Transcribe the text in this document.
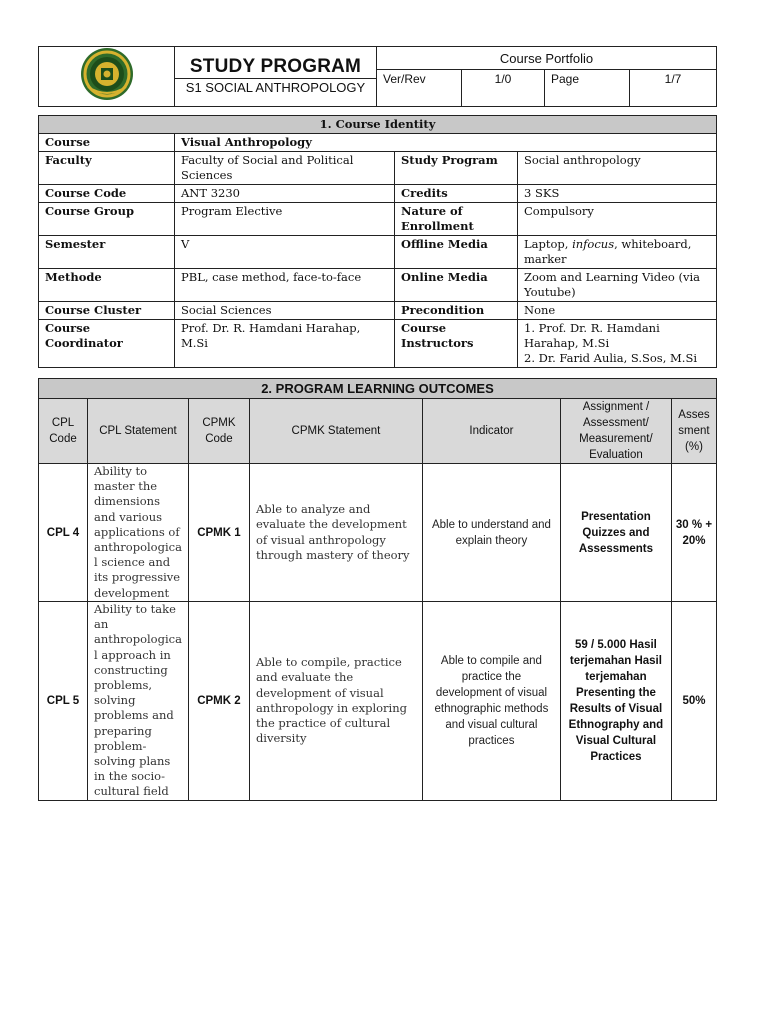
STUDY PROGRAM
S1 SOCIAL ANTHROPOLOGY	Course Portfolio			
		Ver/Rev	1/0	Page	1/7
1. Course Identity			
Course	Visual Anthropology		
Faculty	Faculty of Social and Political Sciences	Study Program	Social anthropology
Course Code	ANT 3230	Credits	3 SKS
Course Group	Program Elective	Nature of Enrollment	Compulsory
Semester	V	Offline Media	Laptop, infocus, whiteboard, marker
Methode	PBL, case method, face-to-face	Online Media	Zoom and Learning Video (via Youtube)
Course Cluster	Social Sciences	Precondition	None
Course Coordinator	Prof. Dr. R. Hamdani Harahap, M.Si	Course Instructors	1. Prof. Dr. R. Hamdani Harahap, M.Si
2. Dr. Farid Aulia, S.Sos, M.Si
2. PROGRAM LEARNING OUTCOMES						
CPL Code	CPL Statement	CPMK Code	CPMK Statement	Indicator	Assignment / Assessment/ Measurement/ Evaluation	Asses sment (%)
CPL 4	Ability to master the dimensions and various applications of anthropologica l science and its progressive development	CPMK 1	Able to analyze and evaluate the development of visual anthropology through mastery of theory	Able to understand and explain theory	Presentation Quizzes and Assessments	30 % + 20%
CPL 5	Ability to take an anthropologica l approach in constructing problems, solving problems and preparing problem-solving plans in the socio-cultural field	CPMK 2	Able to compile, practice and evaluate the development of visual anthropology in exploring the practice of cultural diversity	Able to compile and practice the development of visual ethnographic methods and visual cultural practices	59 / 5.000 Hasil terjemahan Hasil terjemahan Presenting the Results of Visual Ethnography and Visual Cultural Practices	50%
